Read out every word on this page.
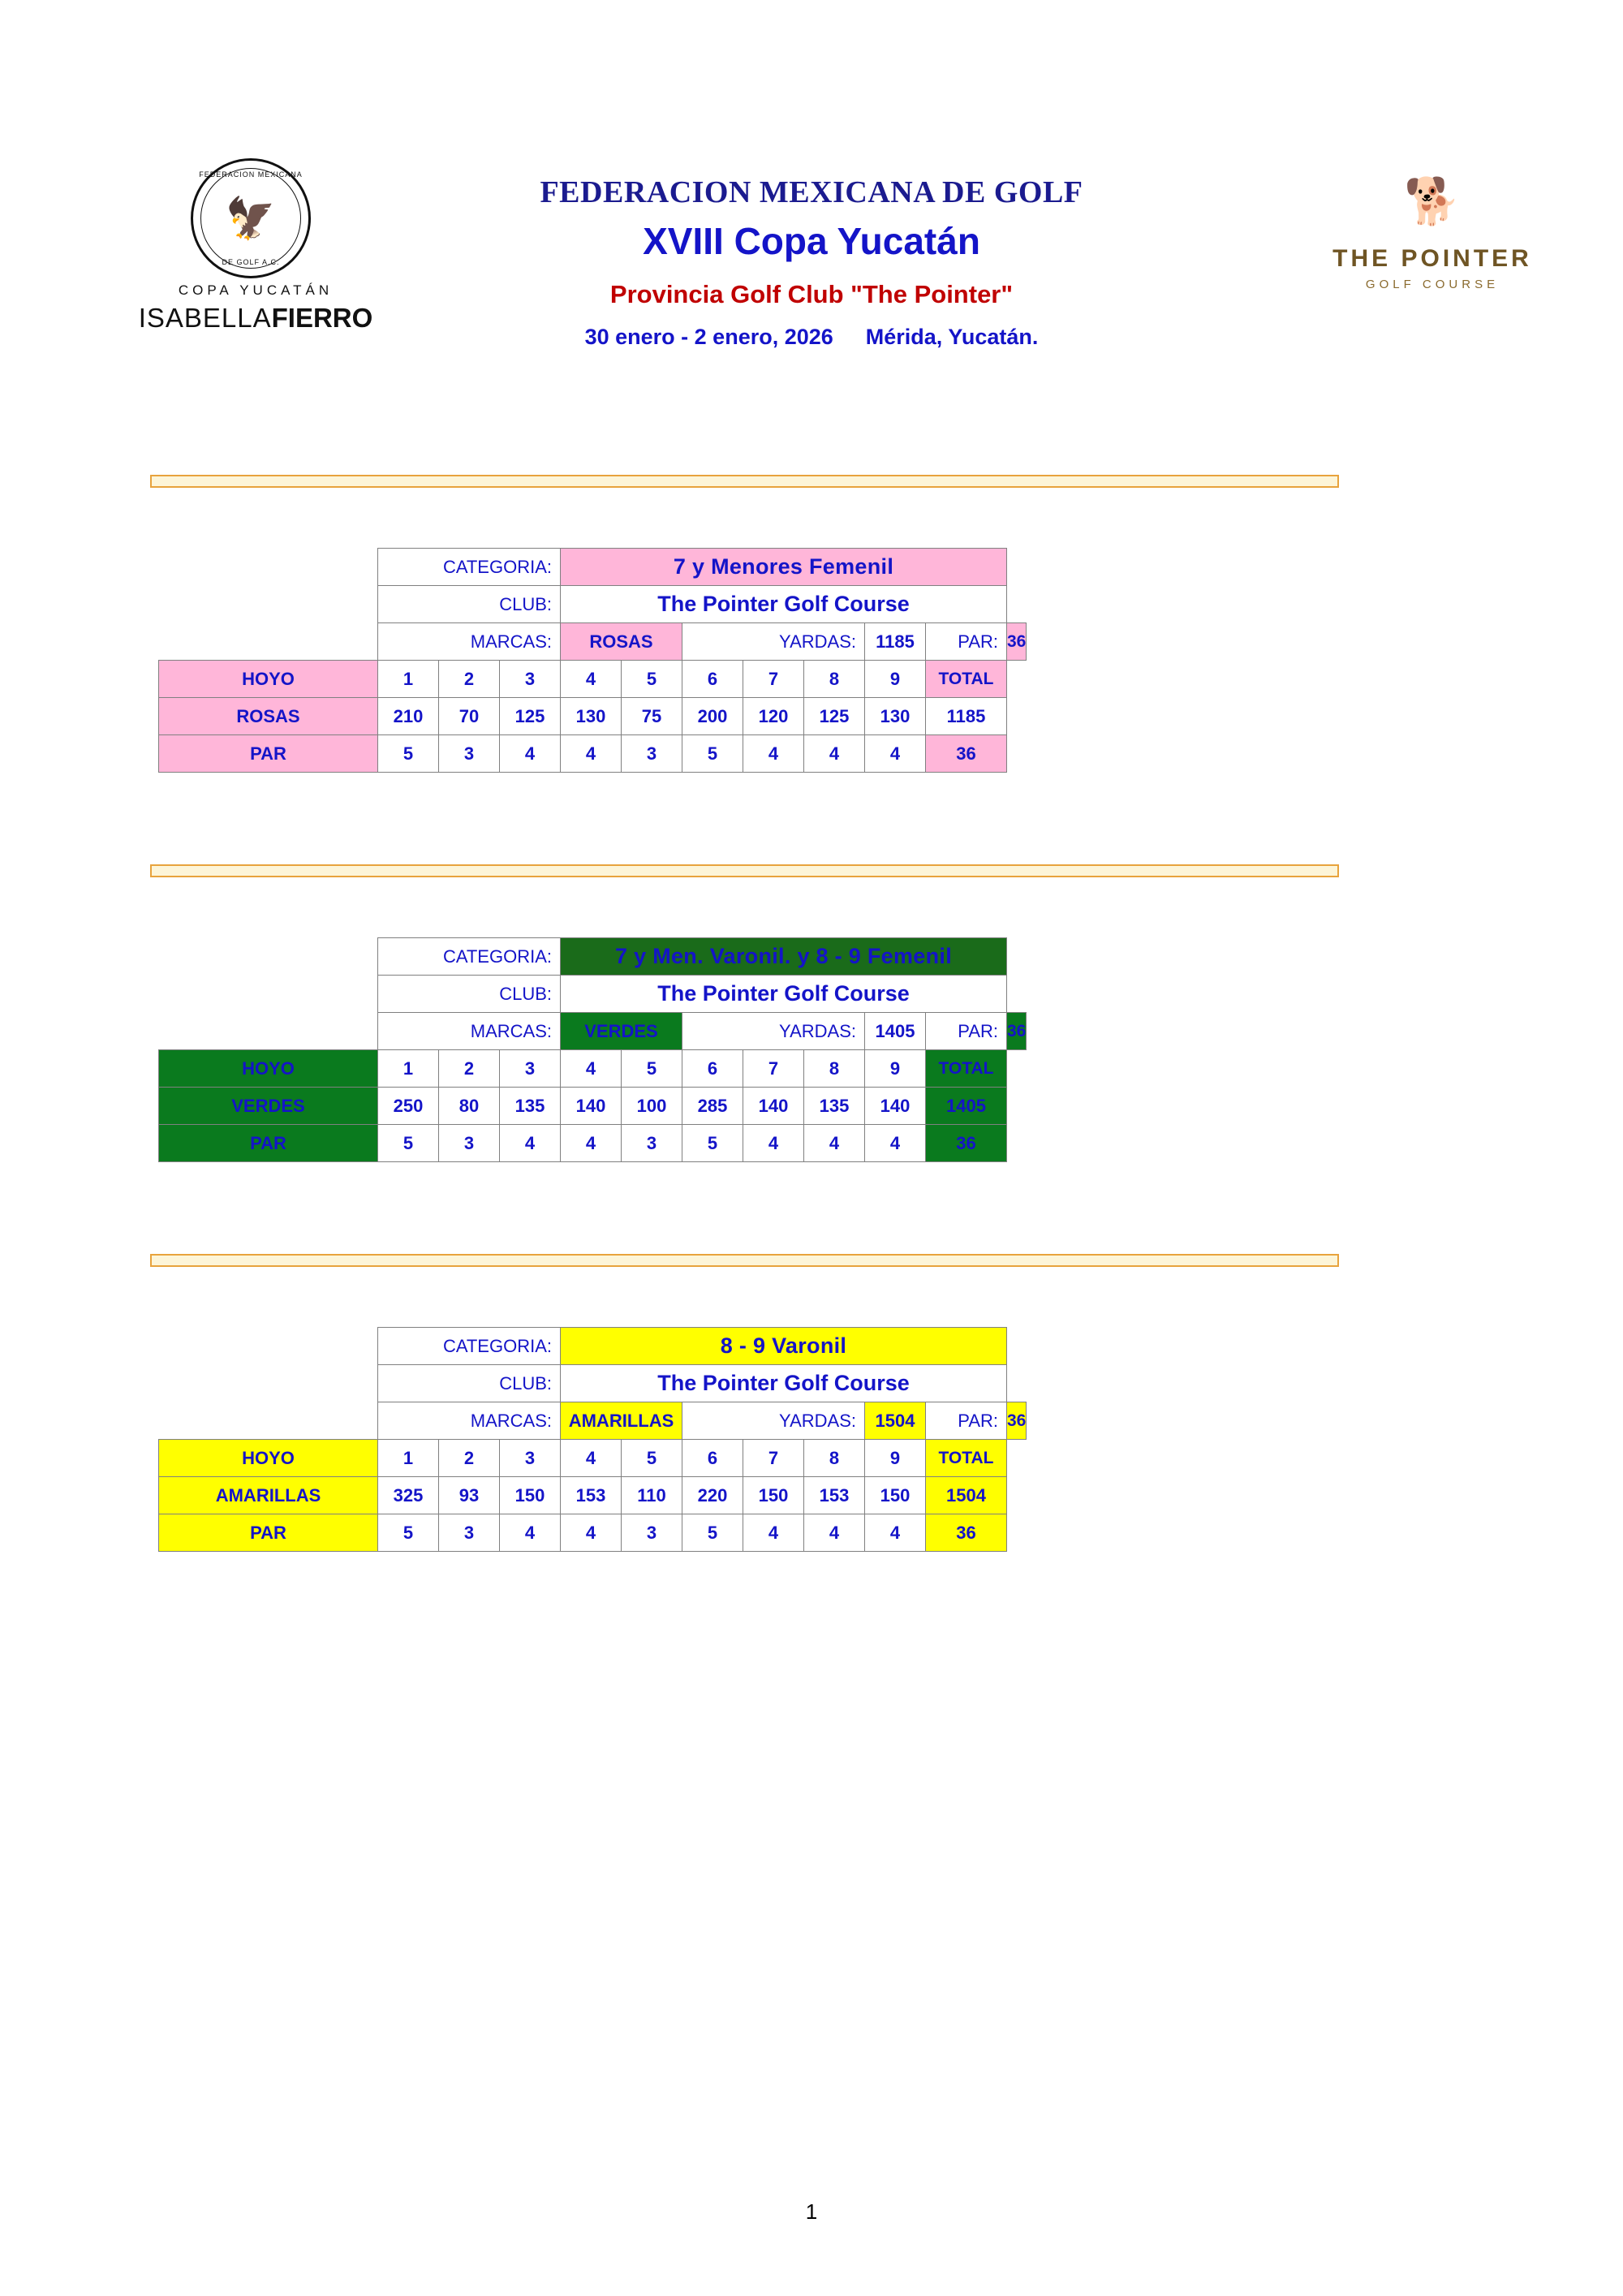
FEDERACION MEXICANA DE GOLF
XVIII Copa Yucatán
Provincia Golf Club "The Pointer"
30 enero - 2 enero, 2026 Mérida, Yucatán.
FEDERACION MEXICANA
🦅
DE GOLF A.C.
COPA YUCATÁN
ISABELLAFIERRO
🐕
THE POINTER
GOLF COURSE
	CATEGORIA:			7 y Menores Femenil							
	CLUB:			The Pointer Golf Course							
	MARCAS:			ROSAS		YARDAS:			1185	PAR:	36
HOYO	1	2	3	4	5	6	7	8	9	TOTAL	
ROSAS	210	70	125	130	75	200	120	125	130	1185	
PAR	5	3	4	4	3	5	4	4	4	36	
	CATEGORIA:			7 y Men. Varonil. y 8 - 9 Femenil							
	CLUB:			The Pointer Golf Course							
	MARCAS:			VERDES		YARDAS:			1405	PAR:	36
HOYO	1	2	3	4	5	6	7	8	9	TOTAL	
VERDES	250	80	135	140	100	285	140	135	140	1405	
PAR	5	3	4	4	3	5	4	4	4	36	
	CATEGORIA:			8 - 9 Varonil							
	CLUB:			The Pointer Golf Course							
	MARCAS:			AMARILLAS		YARDAS:			1504	PAR:	36
HOYO	1	2	3	4	5	6	7	8	9	TOTAL	
AMARILLAS	325	93	150	153	110	220	150	153	150	1504	
PAR	5	3	4	4	3	5	4	4	4	36	
1
